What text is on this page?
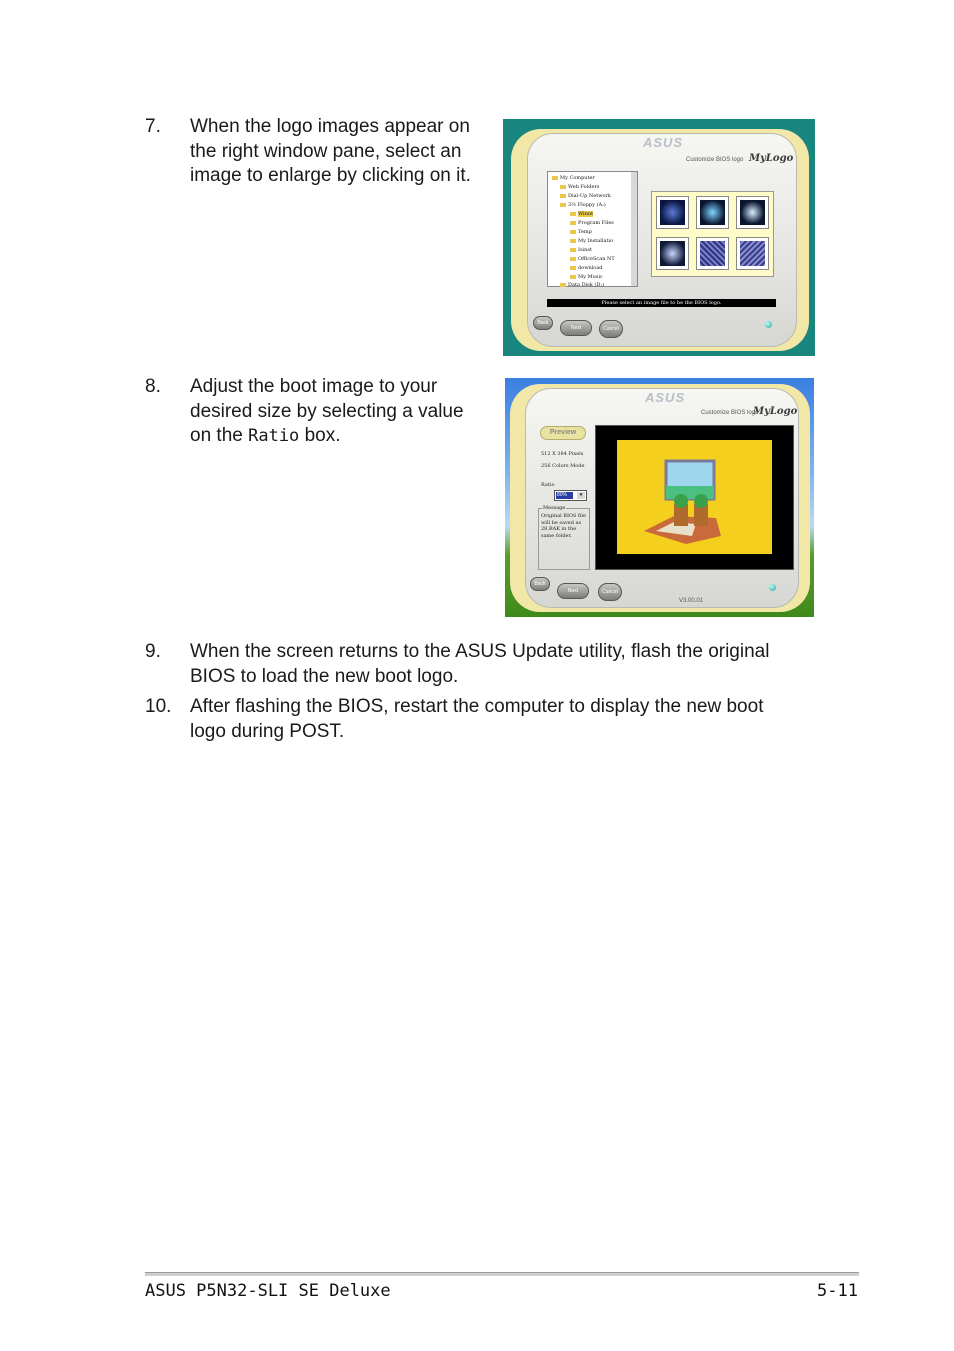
7. When the logo images appear on
the right window pane, select an
image to enlarge by clicking on it.
ASUS
Customize BIOS logo MyLogo
My Computer
Web Folders
Dial-Up Network
3½ Floppy (A:)
Winnt
Program Files
Temp
My Installatio
Isinst
OfficeScan NT
download
My Music
Data Disk (D:)
Please select an image file to be the BIOS logo.
Back
Next	Cancel
8. Adjust the boot image to your
desired size by selecting a value
on the Ratio box.
ASUS
Customize BIOS logo
MyLogo
Preview
512 X 384 Pixels
256 Colors Mode
Ratio
80%	▾
Message
Original BIOS file
will be saved as
28.BAK in the
same folder.
Back
Next	Cancel
V3.00.01
9. When the screen returns to the ASUS Update utility, flash the original
BIOS to load the new boot logo.
10. After flashing the BIOS, restart the computer to display the new boot
logo during POST.
ASUS P5N32-SLI SE Deluxe	5-11
